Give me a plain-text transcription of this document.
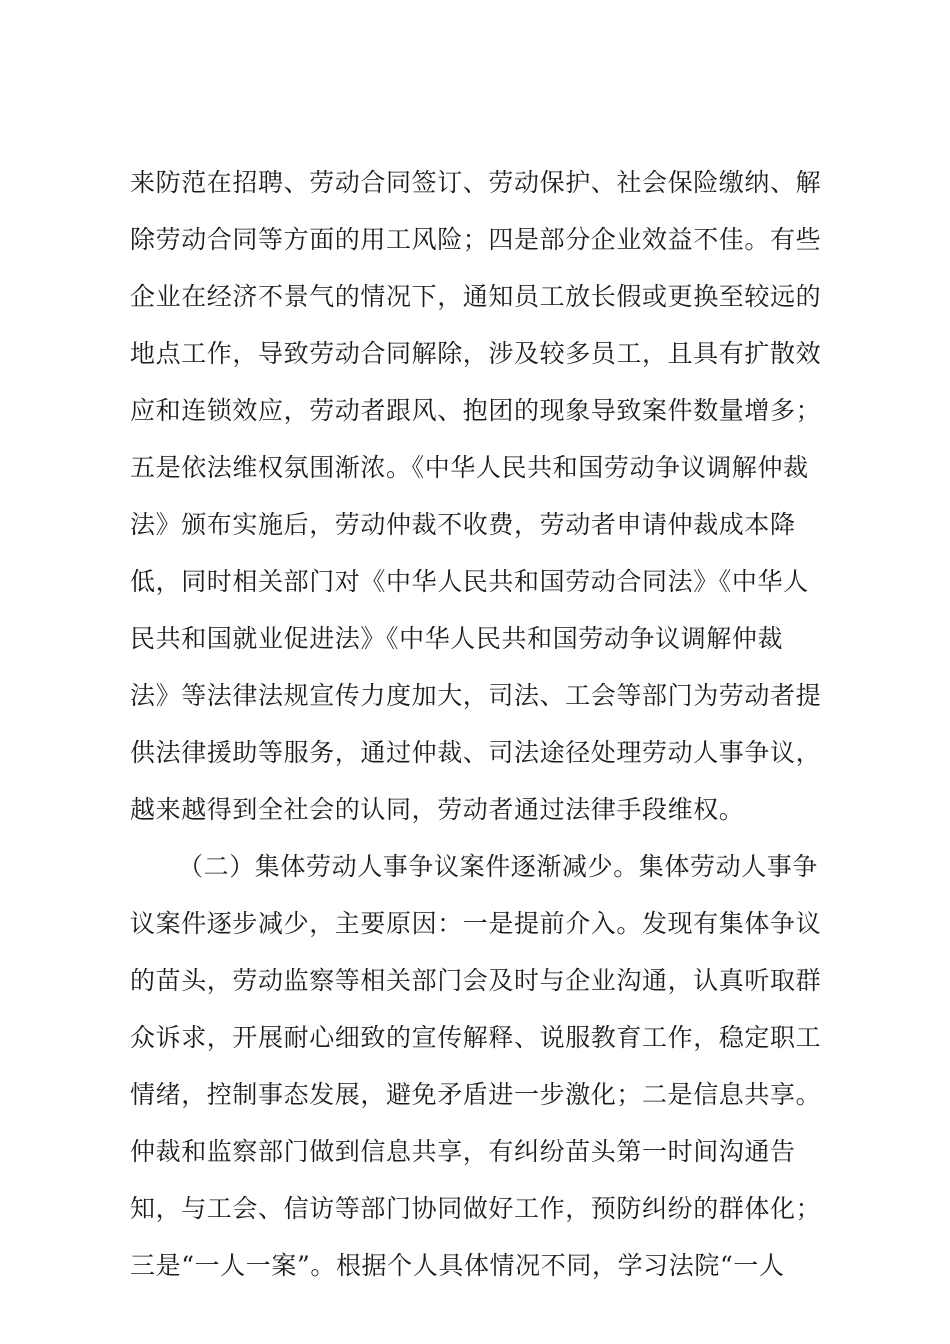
来防范在招聘、劳动合同签订、劳动保护、社会保险缴纳、解
除劳动合同等方面的用工风险；四是部分企业效益不佳。有些
企业在经济不景气的情况下，通知员工放长假或更换至较远的
地点工作，导致劳动合同解除，涉及较多员工，且具有扩散效
应和连锁效应，劳动者跟风、抱团的现象导致案件数量增多；
五是依法维权氛围渐浓。《中华人民共和国劳动争议调解仲裁
法》颁布实施后，劳动仲裁不收费，劳动者申请仲裁成本降
低，同时相关部门对《中华人民共和国劳动合同法》《中华人
民共和国就业促进法》《中华人民共和国劳动争议调解仲裁
法》等法律法规宣传力度加大，司法、工会等部门为劳动者提
供法律援助等服务，通过仲裁、司法途径处理劳动人事争议，
越来越得到全社会的认同，劳动者通过法律手段维权。
（二）集体劳动人事争议案件逐渐减少。集体劳动人事争
议案件逐步减少，主要原因：一是提前介入。发现有集体争议
的苗头，劳动监察等相关部门会及时与企业沟通，认真听取群
众诉求，开展耐心细致的宣传解释、说服教育工作，稳定职工
情绪，控制事态发展，避免矛盾进一步激化；二是信息共享。
仲裁和监察部门做到信息共享，有纠纷苗头第一时间沟通告
知，与工会、信访等部门协同做好工作，预防纠纷的群体化；
三是“一人一案”。根据个人具体情况不同，学习法院“一人
